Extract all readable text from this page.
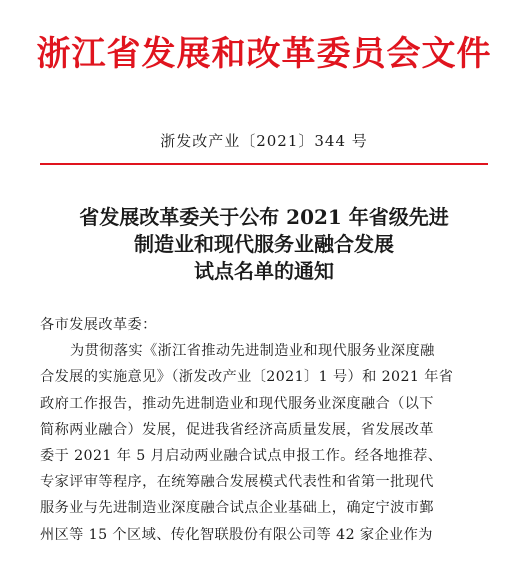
浙江省发展和改革委员会文件
浙发改产业〔2021〕344 号
省发展改革委关于公布 2021 年省级先进
制造业和现代服务业融合发展
试点名单的通知
各市发展改革委：
为贯彻落实《浙江省推动先进制造业和现代服务业深度融
合发展的实施意见》（浙发改产业〔2021〕1 号）和 2021 年省
政府工作报告，推动先进制造业和现代服务业深度融合（以下
简称两业融合）发展，促进我省经济高质量发展，省发展改革
委于 2021 年 5 月启动两业融合试点申报工作。经各地推荐、
专家评审等程序，在统筹融合发展模式代表性和省第一批现代
服务业与先进制造业深度融合试点企业基础上，确定宁波市鄞
州区等 15 个区域、传化智联股份有限公司等 42 家企业作为
